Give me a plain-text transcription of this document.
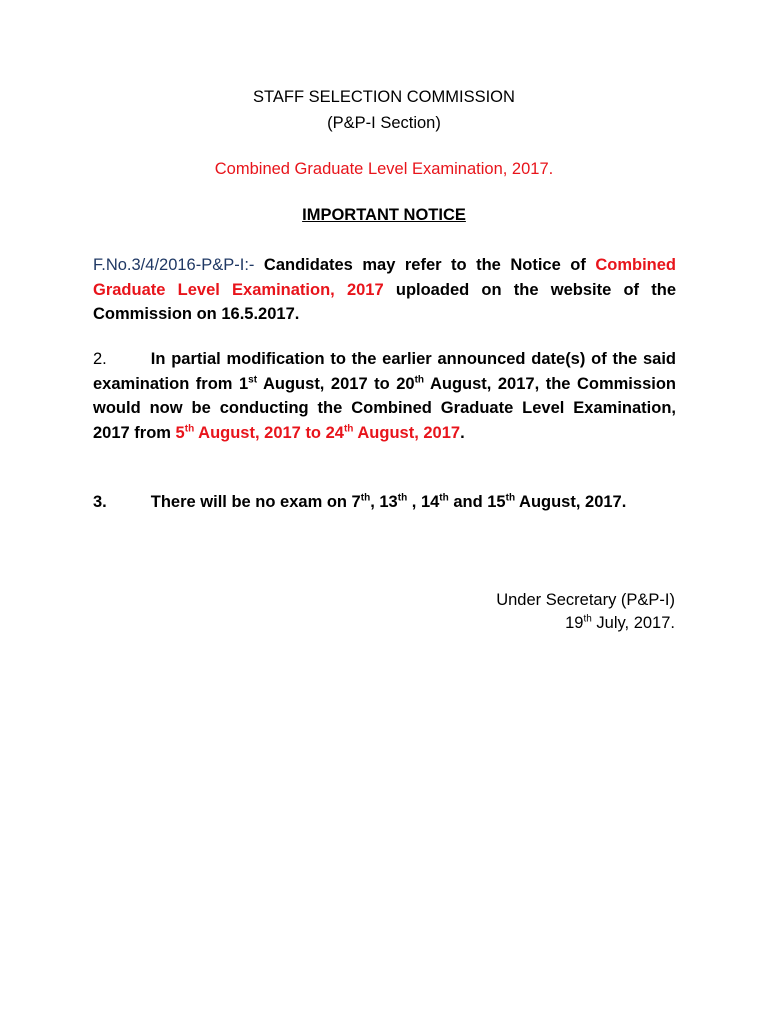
STAFF SELECTION COMMISSION
(P&P-I Section)
Combined Graduate Level Examination, 2017.
IMPORTANT NOTICE
F.No.3/4/2016-P&P-I:- Candidates may refer to the Notice of Combined Graduate Level Examination, 2017 uploaded on the website of the Commission on 16.5.2017.
2.	In partial modification to the earlier announced date(s) of the said examination from 1st August, 2017 to 20th August, 2017, the Commission would now be conducting the Combined Graduate Level Examination, 2017 from 5th August, 2017 to 24th August, 2017.
3.	There will be no exam on 7th, 13th , 14th and 15th August, 2017.
Under Secretary (P&P-I)
19th July, 2017.
